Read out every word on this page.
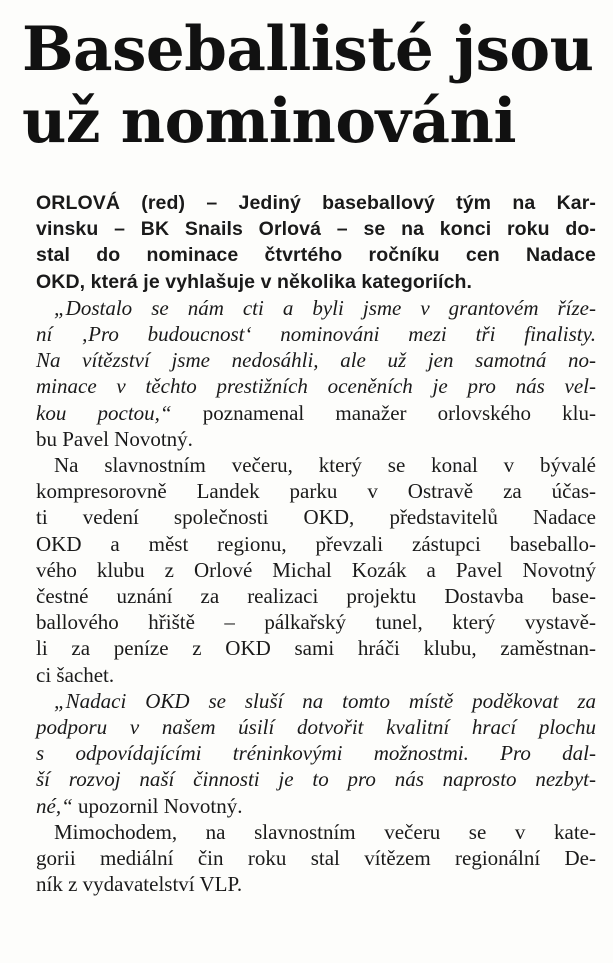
Baseballisté jsou
už nominováni

ORLOVÁ (red) – Jediný baseballový tým na Kar-
vinsku – BK Snails Orlová – se na konci roku do-
stal do nominace čtvrtého ročníku cen Nadace
OKD, která je vyhlašuje v několika kategoriích.

„Dostalo se nám cti a byli jsme v grantovém říze-
ní ‚Pro budoucnost‘ nominováni mezi tři finalisty.
Na vítězství jsme nedosáhli, ale už jen samotná no-
minace v těchto prestižních oceněních je pro nás vel-
kou poctou,“ poznamenal manažer orlovského klu-
bu Pavel Novotný.

Na slavnostním večeru, který se konal v bývalé
kompresorovně Landek parku v Ostravě za účas-
ti vedení společnosti OKD, představitelů Nadace
OKD a měst regionu, převzali zástupci baseballo-
vého klubu z Orlové Michal Kozák a Pavel Novotný
čestné uznání za realizaci projektu Dostavba base-
ballového hřiště – pálkařský tunel, který vystavě-
li za peníze z OKD sami hráči klubu, zaměstnan-
ci šachet.

„Nadaci OKD se sluší na tomto místě poděkovat za
podporu v našem úsilí dotvořit kvalitní hrací plochu
s odpovídajícími tréninkovými možnostmi. Pro dal-
ší rozvoj naší činnosti je to pro nás naprosto nezbyt-
né,“ upozornil Novotný.

Mimochodem, na slavnostním večeru se v kate-
gorii mediální čin roku stal vítězem regionální De-
ník z vydavatelství VLP.
